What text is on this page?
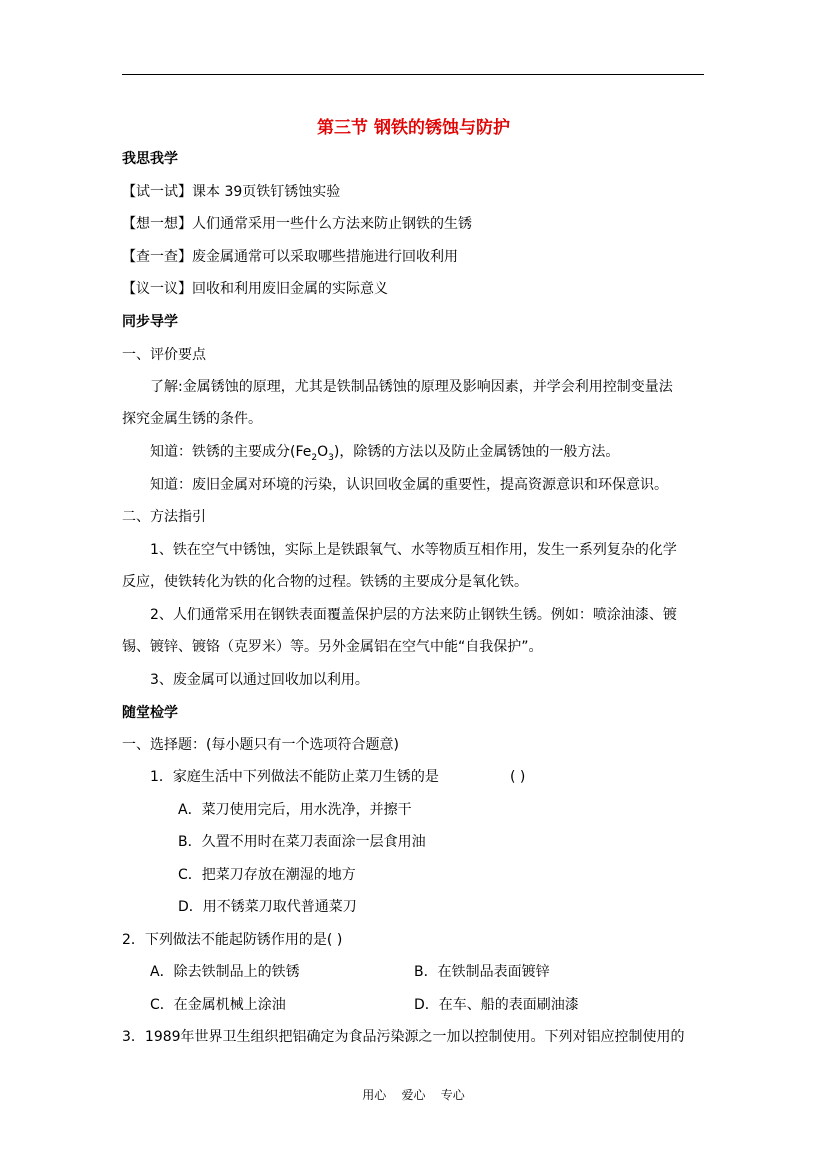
第三节 钢铁的锈蚀与防护
我思我学
【试一试】课本 39页铁钉锈蚀实验
【想一想】人们通常采用一些什么方法来防止钢铁的生锈
【查一查】废金属通常可以采取哪些措施进行回收利用
【议一议】回收和利用废旧金属的实际意义
同步导学
一、评价要点
了解:金属锈蚀的原理，尤其是铁制品锈蚀的原理及影响因素，并学会利用控制变量法
探究金属生锈的条件。
知道：铁锈的主要成分$(Fe_2O_3)$，除锈的方法以及防止金属锈蚀的一般方法。
知道：废旧金属对环境的污染，认识回收金属的重要性，提高资源意识和环保意识。
二、方法指引
1、铁在空气中锈蚀，实际上是铁跟氧气、水等物质互相作用，发生一系列复杂的化学
反应，使铁转化为铁的化合物的过程。铁锈的主要成分是氧化铁。
2、人们通常采用在钢铁表面覆盖保护层的方法来防止钢铁生锈。例如：喷涂油漆、镀
锡、镀锌、镀铬（克罗米）等。另外金属铝在空气中能“自我保护”。
3、废金属可以通过回收加以利用。
随堂检学
一、选择题：(每小题只有一个选项符合题意)
1．家庭生活中下列做法不能防止菜刀生锈的是	( )
A．菜刀使用完后，用水洗净，并擦干
B．久置不用时在菜刀表面涂一层食用油
C．把菜刀存放在潮湿的地方
D．用不锈菜刀取代普通菜刀
2．下列做法不能起防锈作用的是( )
A．除去铁制品上的铁锈	B．在铁制品表面镀锌
C．在金属机械上涂油	D．在车、船的表面刷油漆
3．1989年世界卫生组织把铝确定为食品污染源之一加以控制使用。下列对铝应控制使用的
用心    爱心    专心
